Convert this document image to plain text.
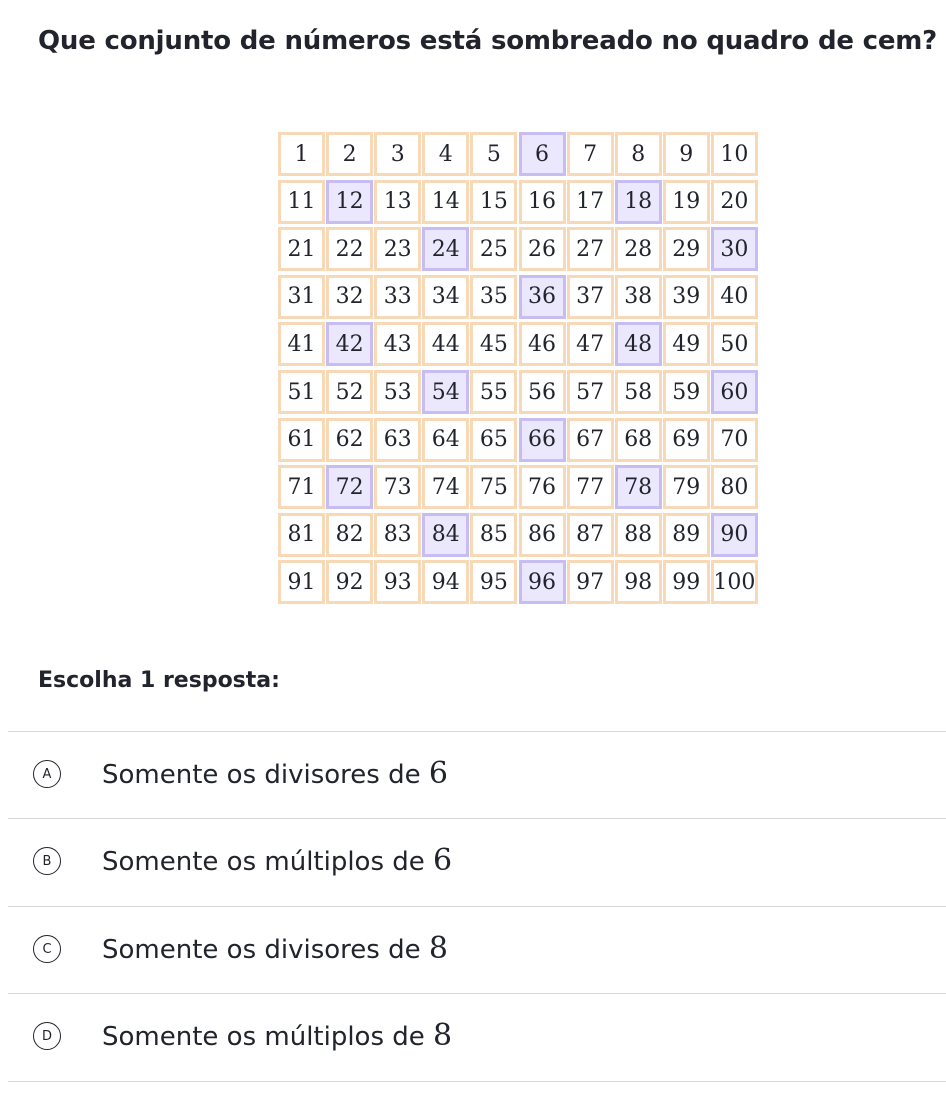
Que conjunto de números está sombreado no quadro de cem?
1	2	3	4	5	6	7	8	9	10
11 12 13 14 15 16 17 18 19 20
21 22 23 24 25 26 27 28 29 30
31 32 33 34 35 36 37 38 39 40
41 42 43 44 45 46 47 48 49 50
51 52 53 54 55 56 57 58 59 60
61 62 63 64 65 66 67 68 69 70
71 72 73 74 75 76 77 78 79 80
81 82 83 84 85 86 87 88 89 90
91 92 93 94 95 96 97 98 99 100
Escolha 1 resposta:
A	Somente os divisores de 6
B	Somente os múltiplos de 6
C	Somente os divisores de 8
D	Somente os múltiplos de 8
